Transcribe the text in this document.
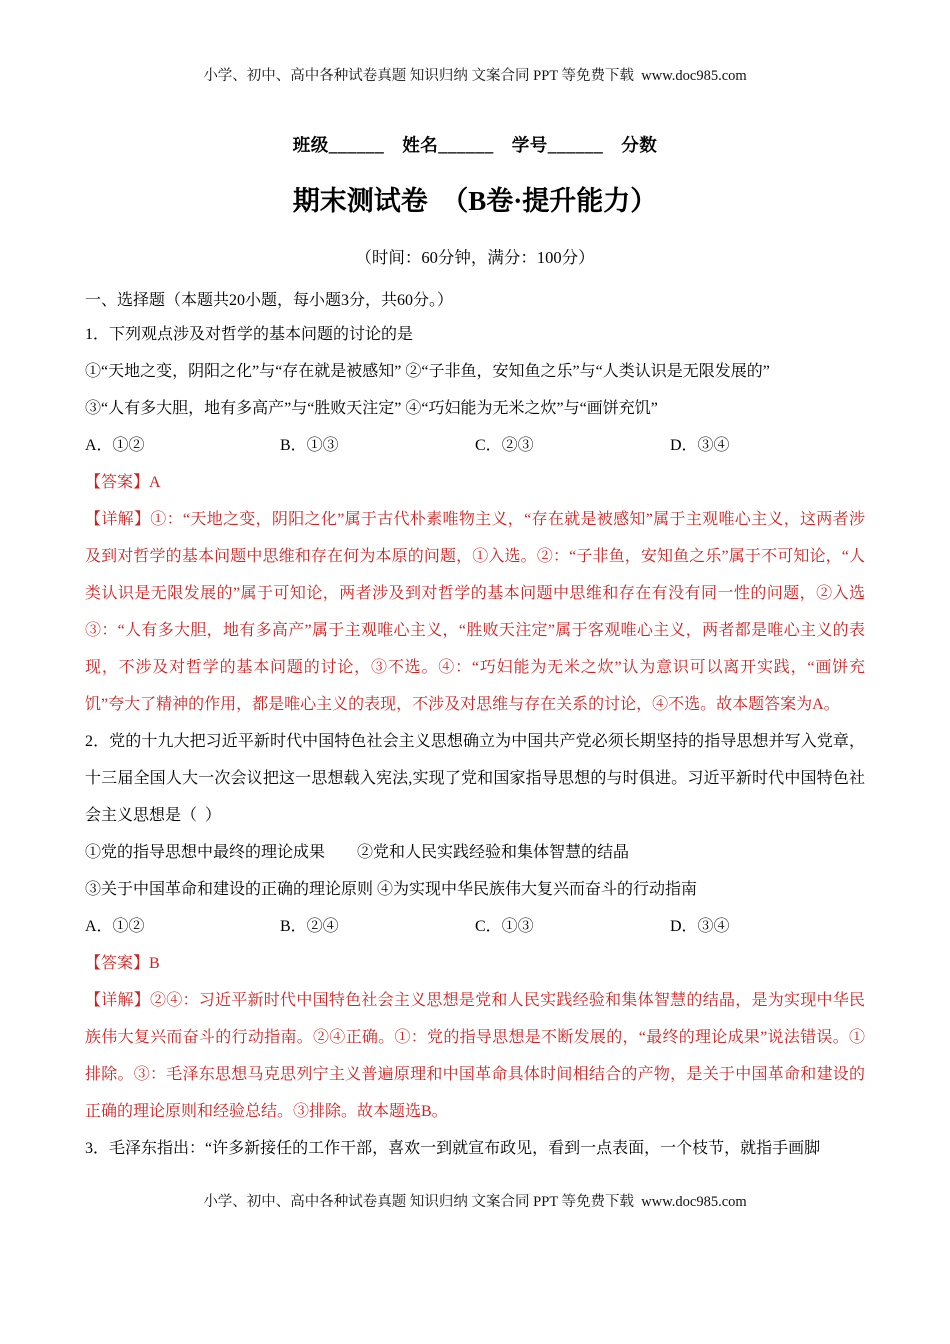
小学、初中、高中各种试卷真题 知识归纳 文案合同 PPT 等免费下载  www.doc985.com
班级______　姓名______　学号______　分数
期末测试卷　（B卷·提升能力）
（时间：60分钟，满分：100分）
一、选择题（本题共20小题，每小题3分，共60分。）

1．下列观点涉及对哲学的基本问题的讨论的是

①“天地之变，阴阳之化”与“存在就是被感知” ②“子非鱼，安知鱼之乐”与“人类认识是无限发展的”

③“人有多大胆，地有多高产”与“胜败天注定” ④“巧妇能为无米之炊”与“画饼充饥”

A．①②	B．①③	C．②③	D．③④

【答案】A

【详解】①：“天地之变，阴阳之化”属于古代朴素唯物主义，“存在就是被感知”属于主观唯心主义，这两者涉及到对哲学的基本问题中思维和存在何为本原的问题，①入选。②：“子非鱼，安知鱼之乐”属于不可知论，“人类认识是无限发展的”属于可知论，两者涉及到对哲学的基本问题中思维和存在有没有同一性的问题，②入选③：“人有多大胆，地有多高产”属于主观唯心主义，“胜败天注定”属于客观唯心主义，两者都是唯心主义的表现，不涉及对哲学的基本问题的讨论，③不选。④：“巧妇能为无米之炊”认为意识可以离开实践，“画饼充饥”夸大了精神的作用，都是唯心主义的表现，不涉及对思维与存在关系的讨论，④不选。故本题答案为A。

2．党的十九大把习近平新时代中国特色社会主义思想确立为中国共产党必须长期坚持的指导思想并写入党章，十三届全国人大一次会议把这一思想载入宪法,实现了党和国家指导思想的与时俱进。习近平新时代中国特色社会主义思想是（  ）

①党的指导思想中最终的理论成果　　②党和人民实践经验和集体智慧的结晶

③关于中国革命和建设的正确的理论原则 ④为实现中华民族伟大复兴而奋斗的行动指南

A．①②	B．②④	C．①③	D．③④

【答案】B

【详解】②④：习近平新时代中国特色社会主义思想是党和人民实践经验和集体智慧的结晶，是为实现中华民族伟大复兴而奋斗的行动指南。②④正确。①：党的指导思想是不断发展的，“最终的理论成果”说法错误。①排除。③：毛泽东思想马克思列宁主义普遍原理和中国革命具体时间相结合的产物，是关于中国革命和建设的正确的理论原则和经验总结。③排除。故本题选B。

3．毛泽东指出：“许多新接任的工作干部，喜欢一到就宣布政见，看到一点表面，一个枝节，就指手画脚

小学、初中、高中各种试卷真题 知识归纳 文案合同 PPT 等免费下载  www.doc985.com
